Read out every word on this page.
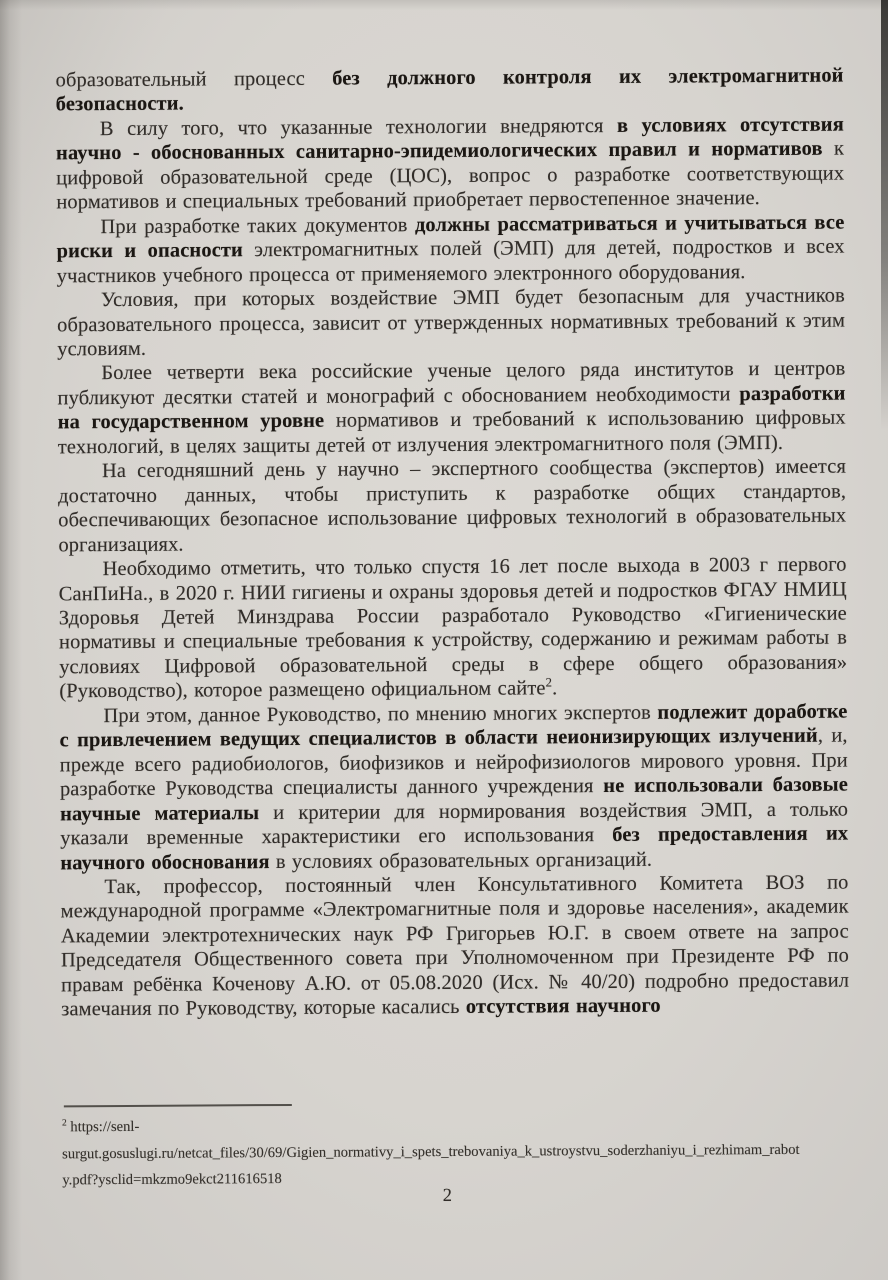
образовательный процесс без должного контроля их электромагнитной безопасности.

В силу того, что указанные технологии внедряются в условиях отсутствия научно - обоснованных санитарно-эпидемиологических правил и нормативов к цифровой образовательной среде (ЦОС), вопрос о разработке соответствующих нормативов и специальных требований приобретает первостепенное значение.

При разработке таких документов должны рассматриваться и учитываться все риски и опасности электромагнитных полей (ЭМП) для детей, подростков и всех участников учебного процесса от применяемого электронного оборудования.

Условия, при которых воздействие ЭМП будет безопасным для участников образовательного процесса, зависит от утвержденных нормативных требований к этим условиям.

Более четверти века российские ученые целого ряда институтов и центров публикуют десятки статей и монографий с обоснованием необходимости разработки на государственном уровне нормативов и требований к использованию цифровых технологий, в целях защиты детей от излучения электромагнитного поля (ЭМП).

На сегодняшний день у научно – экспертного сообщества (экспертов) имеется достаточно данных, чтобы приступить к разработке общих стандартов, обеспечивающих безопасное использование цифровых технологий в образовательных организациях.

Необходимо отметить, что только спустя 16 лет после выхода в 2003 г первого СанПиНа., в 2020 г. НИИ гигиены и охраны здоровья детей и подростков ФГАУ НМИЦ Здоровья Детей Минздрава России разработало Руководство «Гигиенические нормативы и специальные требования к устройству, содержанию и режимам работы в условиях Цифровой образовательной среды в сфере общего образования» (Руководство), которое размещено официальном сайте$^2$.

При этом, данное Руководство, по мнению многих экспертов подлежит доработке с привлечением ведущих специалистов в области неионизирующих излучений, и, прежде всего радиобиологов, биофизиков и нейрофизиологов мирового уровня. При разработке Руководства специалисты данного учреждения не использовали базовые научные материалы и критерии для нормирования воздействия ЭМП, а только указали временные характеристики его использования без предоставления их научного обоснования в условиях образовательных организаций.

Так, профессор, постоянный член Консультативного Комитета ВОЗ по международной программе «Электромагнитные поля и здоровье населения», академик Академии электротехнических наук РФ Григорьев Ю.Г. в своем ответе на запрос Председателя Общественного совета при Уполномоченном при Президенте РФ по правам ребёнка Коченову А.Ю. от 05.08.2020 (Исх. № 40/20) подробно предоставил замечания по Руководству, которые касались отсутствия научного

$^2$ https://senl-
surgut.gosuslugi.ru/netcat_files/30/69/Gigien_normativy_i_spets_trebovaniya_k_ustroystvu_soderzhaniyu_i_rezhimam_rabot
y.pdf?ysclid=mkzmo9ekct211616518
2
